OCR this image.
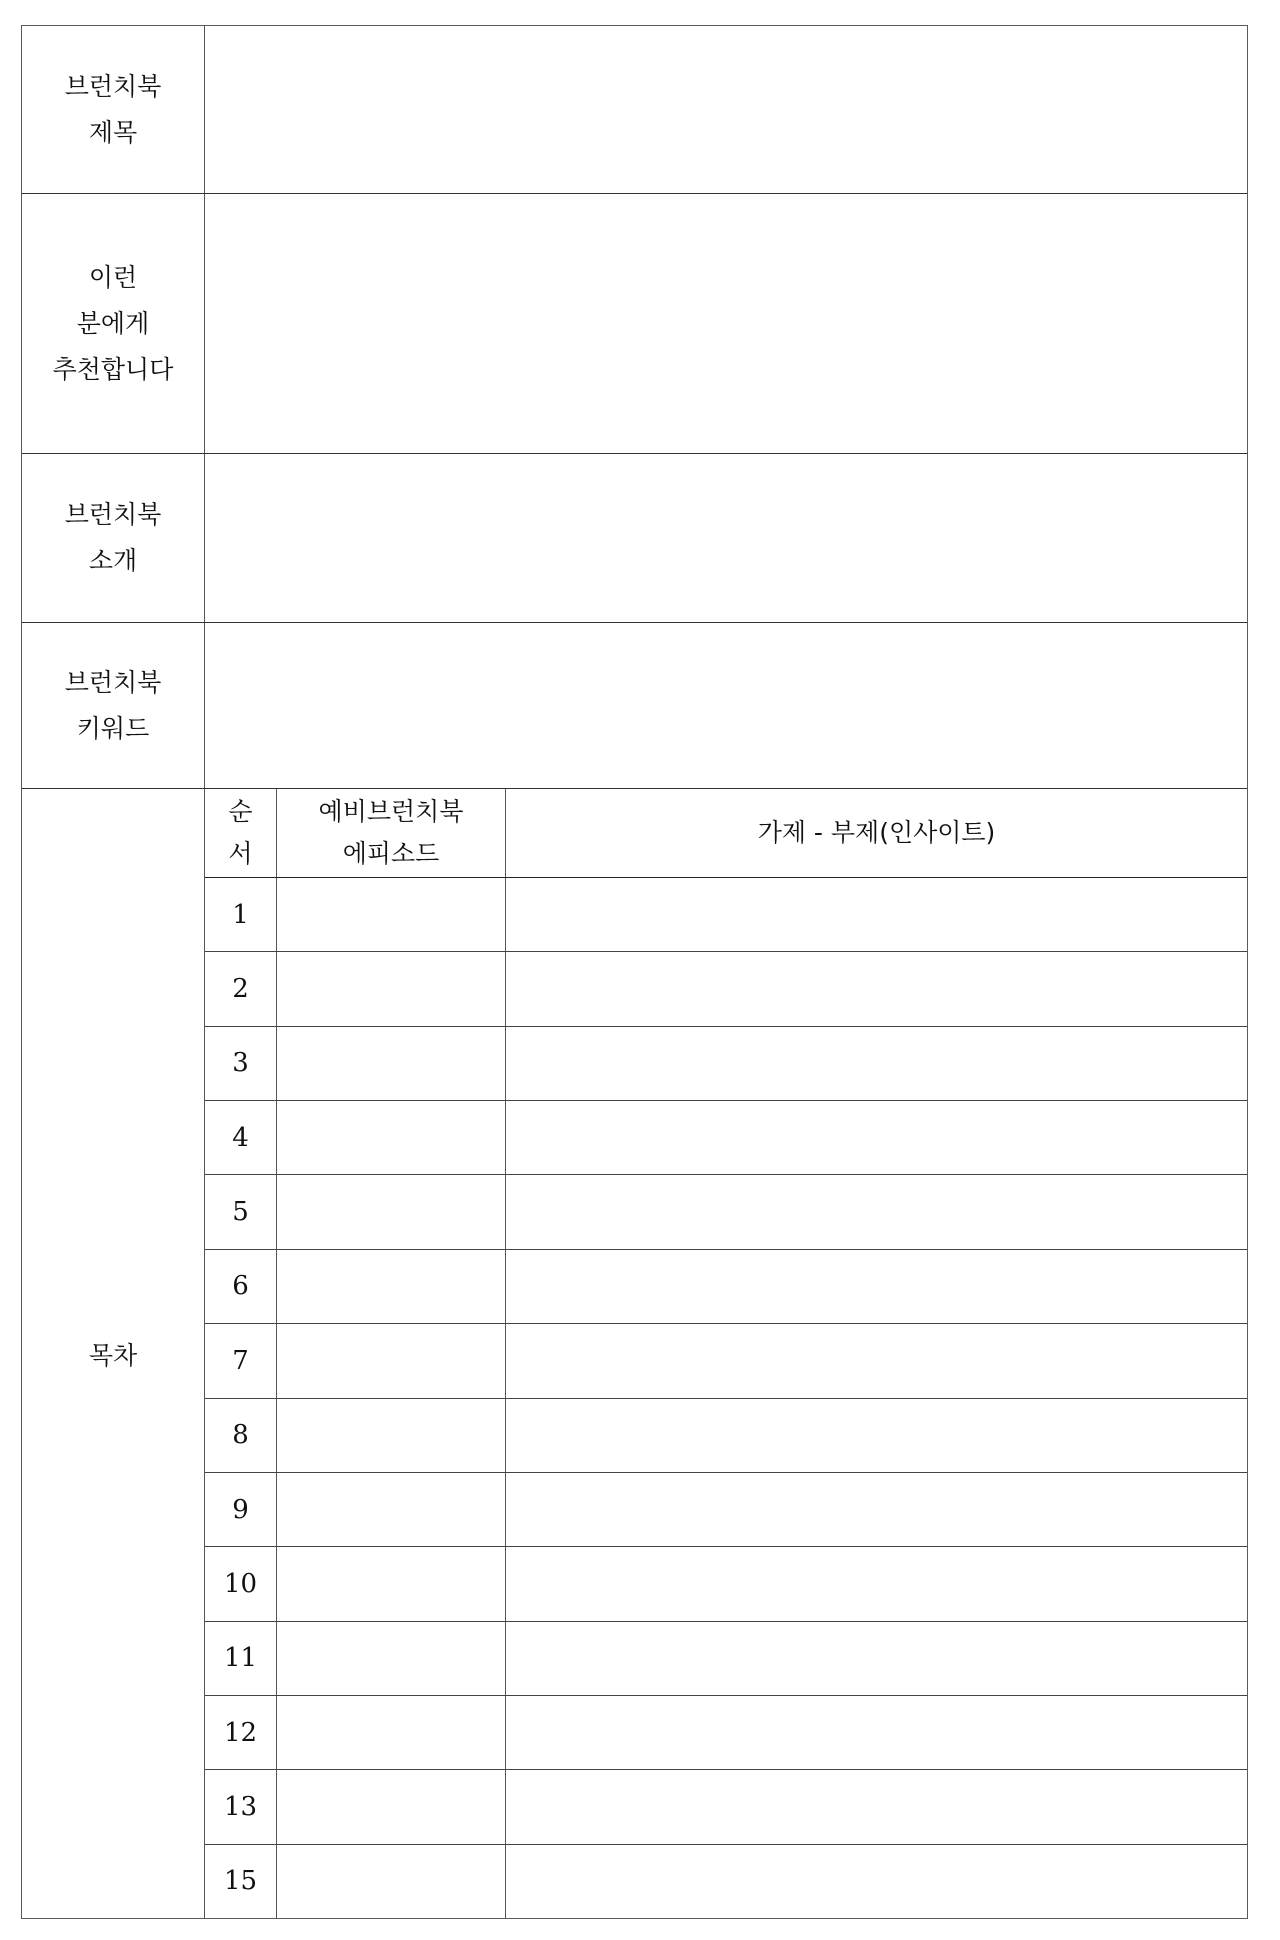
브런치북
제목
이런
분에게
추천합니다
브런치북
소개
브런치북
키워드
목차
순
서
예비브런치북
에피소드
가제 - 부제(인사이트)
1
2
3
4
5
6
7
8
9
10
11
12
13
15
